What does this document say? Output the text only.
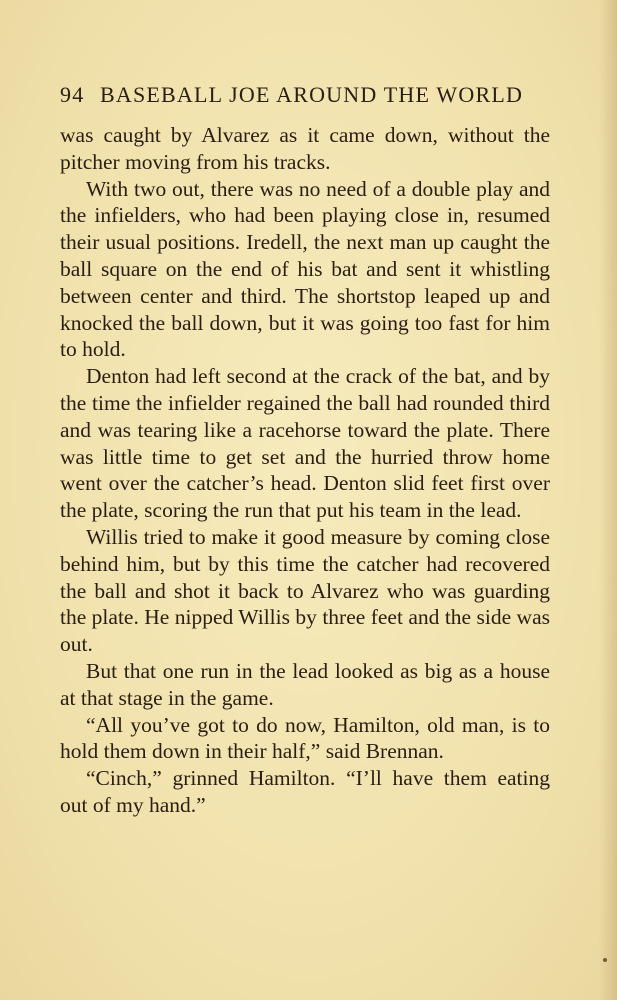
94 BASEBALL JOE AROUND THE WORLD

was caught by Alvarez as it came down, without the pitcher moving from his tracks.

With two out, there was no need of a double play and the infielders, who had been playing close in, resumed their usual positions. Iredell, the next man up caught the ball square on the end of his bat and sent it whistling between center and third. The shortstop leaped up and knocked the ball down, but it was going too fast for him to hold.

Denton had left second at the crack of the bat, and by the time the infielder regained the ball had rounded third and was tearing like a racehorse toward the plate. There was little time to get set and the hurried throw home went over the catcher’s head. Denton slid feet first over the plate, scoring the run that put his team in the lead.

Willis tried to make it good measure by coming close behind him, but by this time the catcher had recovered the ball and shot it back to Alvarez who was guarding the plate. He nipped Willis by three feet and the side was out.

But that one run in the lead looked as big as a house at that stage in the game.

“All you’ve got to do now, Hamilton, old man, is to hold them down in their half,” said Brennan.

“Cinch,” grinned Hamilton. “I’ll have them eating out of my hand.”
